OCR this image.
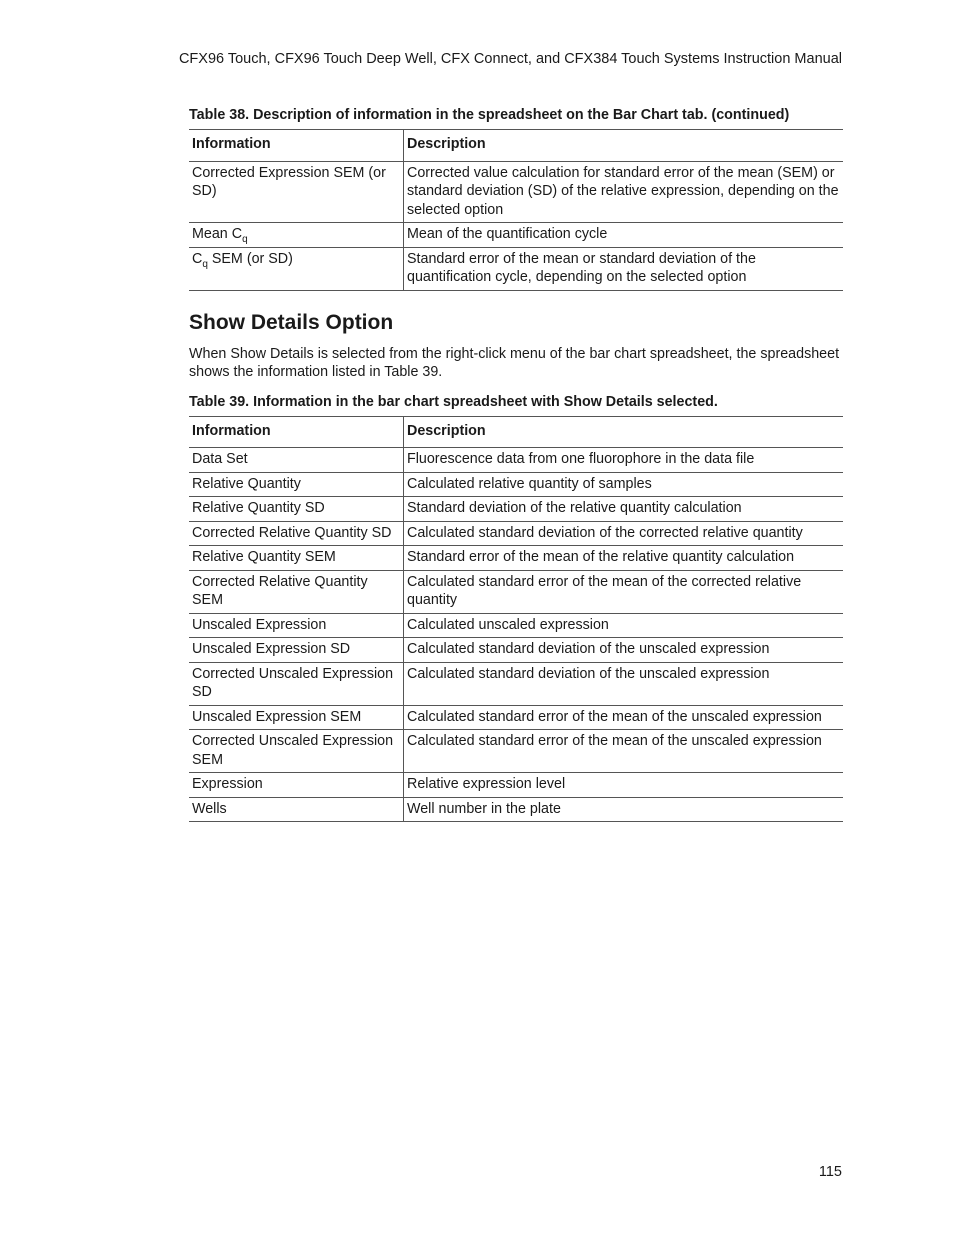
CFX96 Touch, CFX96 Touch Deep Well, CFX Connect, and CFX384 Touch Systems Instruction Manual
Table 38. Description of information in the spreadsheet on the Bar Chart tab. (continued)
Information	Description
Corrected Expression SEM (or SD)	Corrected value calculation for standard error of the mean (SEM) or standard deviation (SD) of the relative expression, depending on the selected option
Mean $C_q$	Mean of the quantification cycle
$C_q$ SEM (or SD)	Standard error of the mean or standard deviation of the quantification cycle, depending on the selected option
Show Details Option

When Show Details is selected from the right-click menu of the bar chart spreadsheet, the spreadsheet shows the information listed in Table 39.

Table 39. Information in the bar chart spreadsheet with Show Details selected.
Information	Description
Data Set	Fluorescence data from one fluorophore in the data file
Relative Quantity	Calculated relative quantity of samples
Relative Quantity SD	Standard deviation of the relative quantity calculation
Corrected Relative Quantity SD	Calculated standard deviation of the corrected relative quantity
Relative Quantity SEM	Standard error of the mean of the relative quantity calculation
Corrected Relative Quantity SEM	Calculated standard error of the mean of the corrected relative quantity
Unscaled Expression	Calculated unscaled expression
Unscaled Expression SD	Calculated standard deviation of the unscaled expression
Corrected Unscaled Expression SD	Calculated standard deviation of the unscaled expression
Unscaled Expression SEM	Calculated standard error of the mean of the unscaled expression
Corrected Unscaled Expression SEM	Calculated standard error of the mean of the unscaled expression
Expression	Relative expression level
Wells	Well number in the plate
115
